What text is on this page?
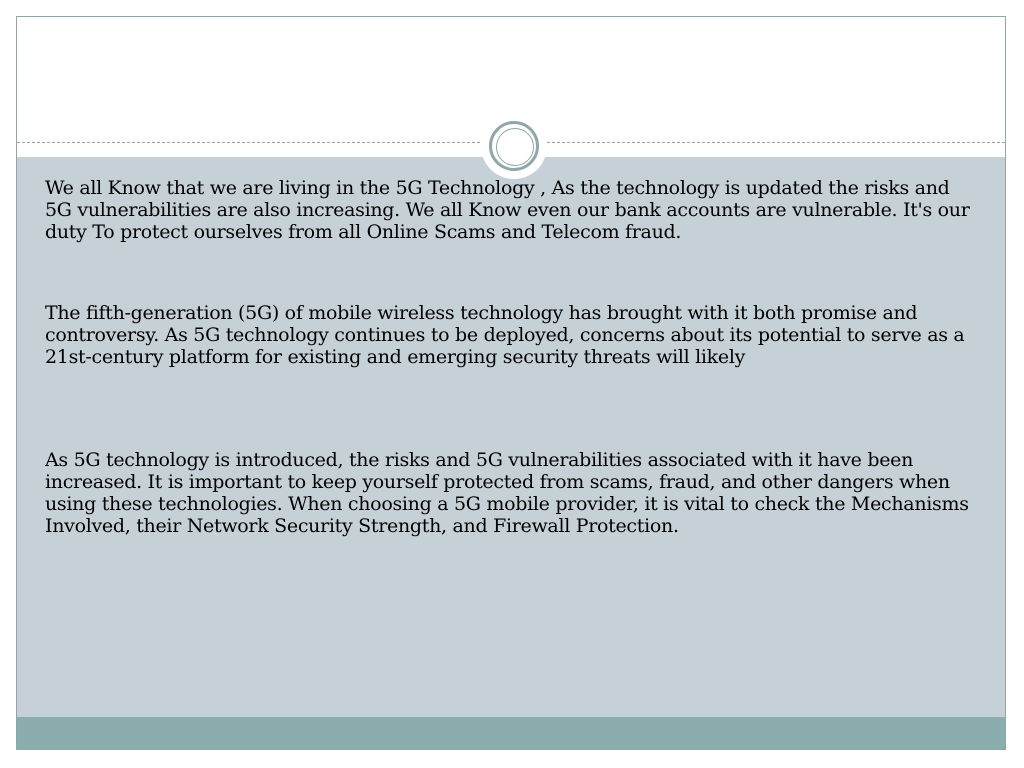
We all Know that we are living in the 5G Technology , As the technology is updated the risks and 5G vulnerabilities are also increasing. We all Know even our bank accounts are vulnerable. It's our duty To protect ourselves from all Online Scams and Telecom fraud.

The fifth-generation (5G) of mobile wireless technology has brought with it both promise and controversy. As 5G technology continues to be deployed, concerns about its potential to serve as a 21st-century platform for existing and emerging security threats will likely

As 5G technology is introduced, the risks and 5G vulnerabilities associated with it have been increased. It is important to keep yourself protected from scams, fraud, and other dangers when using these technologies. When choosing a 5G mobile provider, it is vital to check the Mechanisms Involved, their Network Security Strength, and Firewall Protection.
